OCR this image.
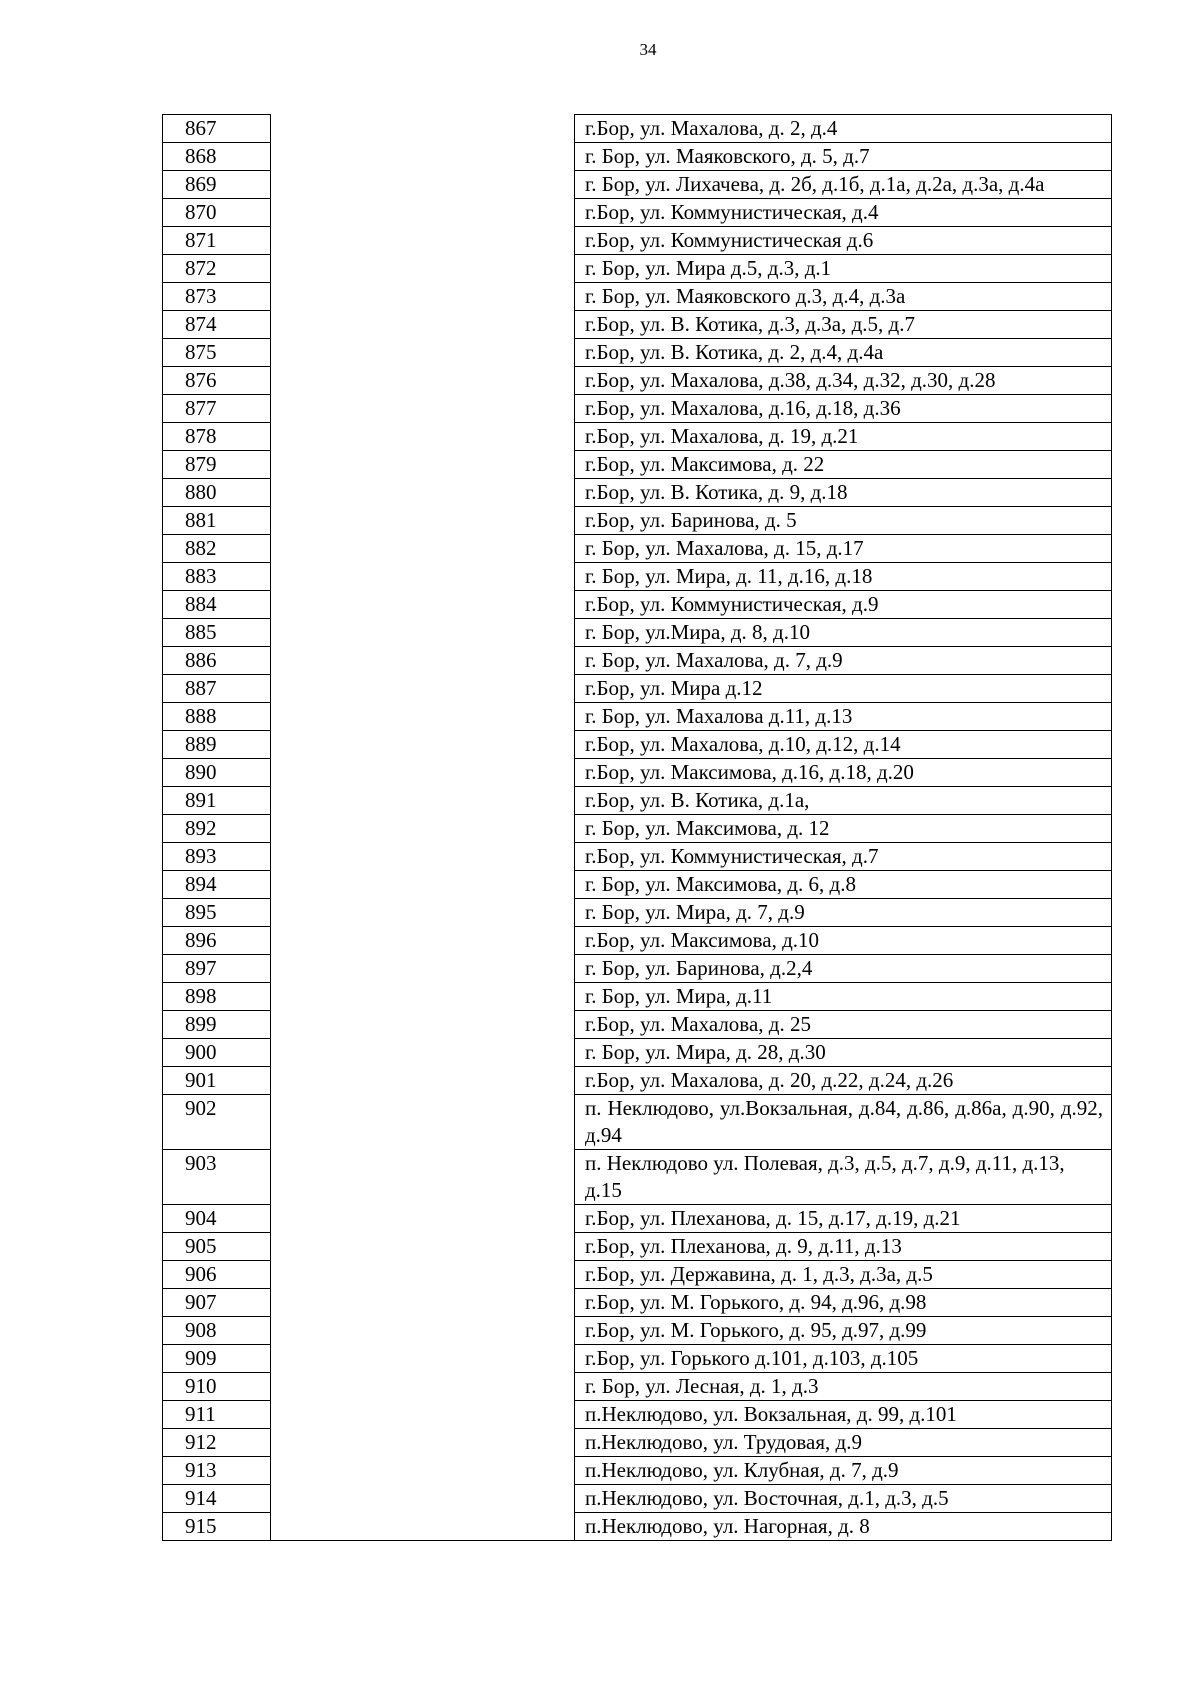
34
867		г.Бор, ул. Махалова, д. 2, д.4
868		г. Бор, ул. Маяковского, д. 5, д.7
869		г. Бор, ул. Лихачева, д. 2б, д.1б, д.1а, д.2а, д.3а, д.4а
870		г.Бор, ул. Коммунистическая, д.4
871		г.Бор, ул. Коммунистическая д.6
872		г. Бор, ул. Мира д.5, д.3, д.1
873		г. Бор, ул. Маяковского д.3, д.4, д.3а
874		г.Бор, ул. В. Котика, д.3, д.3а, д.5, д.7
875		г.Бор, ул. В. Котика, д. 2, д.4, д.4а
876		г.Бор, ул. Махалова, д.38, д.34, д.32, д.30, д.28
877		г.Бор, ул. Махалова, д.16, д.18, д.36
878		г.Бор, ул. Махалова, д. 19, д.21
879		г.Бор, ул. Максимова, д. 22
880		г.Бор, ул. В. Котика, д. 9, д.18
881		г.Бор, ул. Баринова, д. 5
882		г. Бор, ул. Махалова, д. 15, д.17
883		г. Бор, ул. Мира, д. 11, д.16, д.18
884		г.Бор, ул. Коммунистическая, д.9
885		г. Бор, ул.Мира, д. 8, д.10
886		г. Бор, ул. Махалова, д. 7, д.9
887		г.Бор, ул. Мира д.12
888		г. Бор, ул. Махалова д.11, д.13
889		г.Бор, ул. Махалова, д.10, д.12, д.14
890		г.Бор, ул. Максимова, д.16, д.18, д.20
891		г.Бор, ул. В. Котика, д.1а,
892		г. Бор, ул. Максимова, д. 12
893		г.Бор, ул. Коммунистическая, д.7
894		г. Бор, ул. Максимова, д. 6, д.8
895		г. Бор, ул. Мира, д. 7, д.9
896		г.Бор, ул. Максимова, д.10
897		г. Бор, ул. Баринова, д.2,4
898		г. Бор, ул. Мира, д.11
899		г.Бор, ул. Махалова, д. 25
900		г. Бор, ул. Мира, д. 28, д.30
901		г.Бор, ул. Махалова, д. 20, д.22, д.24, д.26
902		п. Неклюдово, ул.Вокзальная, д.84, д.86, д.86а, д.90, д.92, д.94
903		п. Неклюдово ул. Полевая, д.3, д.5, д.7, д.9, д.11, д.13, д.15
904		г.Бор, ул. Плеханова, д. 15, д.17, д.19, д.21
905		г.Бор, ул. Плеханова, д. 9, д.11, д.13
906		г.Бор, ул. Державина, д. 1, д.3, д.3а, д.5
907		г.Бор, ул. М. Горького, д. 94, д.96, д.98
908		г.Бор, ул. М. Горького, д. 95, д.97, д.99
909		г.Бор, ул. Горького д.101, д.103, д.105
910		г. Бор, ул. Лесная, д. 1, д.3
911		п.Неклюдово, ул. Вокзальная, д. 99, д.101
912		п.Неклюдово, ул. Трудовая, д.9
913		п.Неклюдово, ул. Клубная, д. 7, д.9
914		п.Неклюдово, ул. Восточная, д.1, д.3, д.5
915		п.Неклюдово, ул. Нагорная, д. 8
